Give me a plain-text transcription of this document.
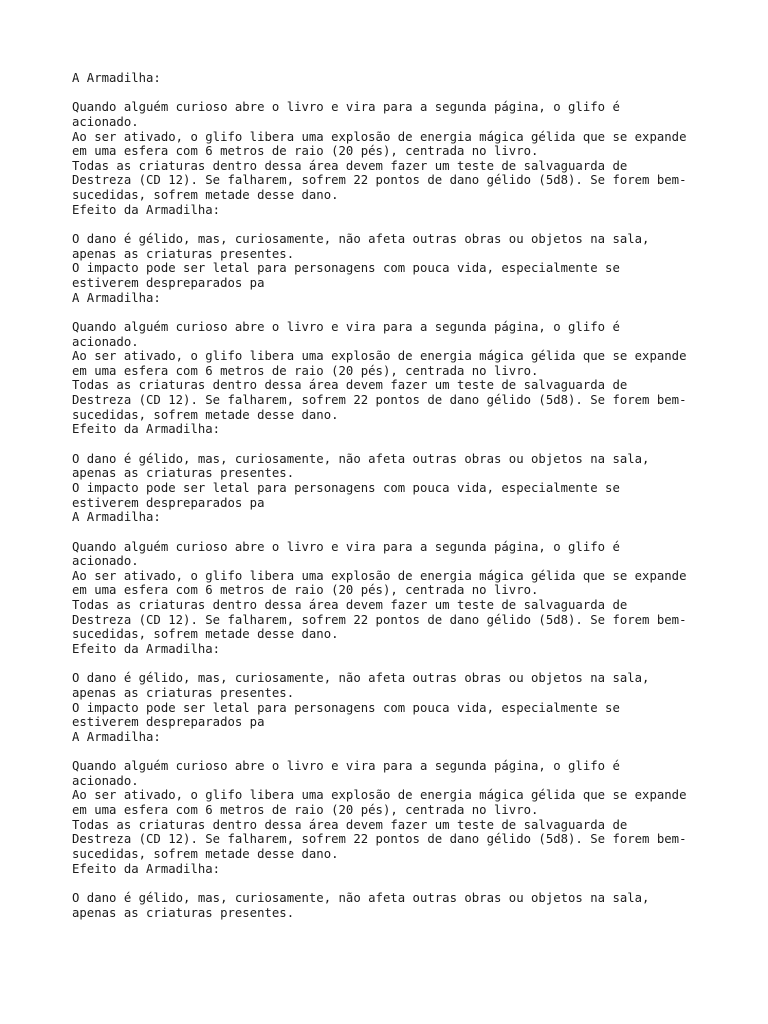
A Armadilha:
Quando alguém curioso abre o livro e vira para a segunda página, o glifo é
acionado.
Ao ser ativado, o glifo libera uma explosão de energia mágica gélida que se expande
em uma esfera com 6 metros de raio (20 pés), centrada no livro.
Todas as criaturas dentro dessa área devem fazer um teste de salvaguarda de
Destreza (CD 12). Se falharem, sofrem 22 pontos de dano gélido (5d8). Se forem bem-
sucedidas, sofrem metade desse dano.
Efeito da Armadilha:
O dano é gélido, mas, curiosamente, não afeta outras obras ou objetos na sala,
apenas as criaturas presentes.
O impacto pode ser letal para personagens com pouca vida, especialmente se
estiverem despreparados pa
A Armadilha:
Quando alguém curioso abre o livro e vira para a segunda página, o glifo é
acionado.
Ao ser ativado, o glifo libera uma explosão de energia mágica gélida que se expande
em uma esfera com 6 metros de raio (20 pés), centrada no livro.
Todas as criaturas dentro dessa área devem fazer um teste de salvaguarda de
Destreza (CD 12). Se falharem, sofrem 22 pontos de dano gélido (5d8). Se forem bem-
sucedidas, sofrem metade desse dano.
Efeito da Armadilha:
O dano é gélido, mas, curiosamente, não afeta outras obras ou objetos na sala,
apenas as criaturas presentes.
O impacto pode ser letal para personagens com pouca vida, especialmente se
estiverem despreparados pa
A Armadilha:
Quando alguém curioso abre o livro e vira para a segunda página, o glifo é
acionado.
Ao ser ativado, o glifo libera uma explosão de energia mágica gélida que se expande
em uma esfera com 6 metros de raio (20 pés), centrada no livro.
Todas as criaturas dentro dessa área devem fazer um teste de salvaguarda de
Destreza (CD 12). Se falharem, sofrem 22 pontos de dano gélido (5d8). Se forem bem-
sucedidas, sofrem metade desse dano.
Efeito da Armadilha:
O dano é gélido, mas, curiosamente, não afeta outras obras ou objetos na sala,
apenas as criaturas presentes.
O impacto pode ser letal para personagens com pouca vida, especialmente se
estiverem despreparados pa
A Armadilha:
Quando alguém curioso abre o livro e vira para a segunda página, o glifo é
acionado.
Ao ser ativado, o glifo libera uma explosão de energia mágica gélida que se expande
em uma esfera com 6 metros de raio (20 pés), centrada no livro.
Todas as criaturas dentro dessa área devem fazer um teste de salvaguarda de
Destreza (CD 12). Se falharem, sofrem 22 pontos de dano gélido (5d8). Se forem bem-
sucedidas, sofrem metade desse dano.
Efeito da Armadilha:
O dano é gélido, mas, curiosamente, não afeta outras obras ou objetos na sala,
apenas as criaturas presentes.
